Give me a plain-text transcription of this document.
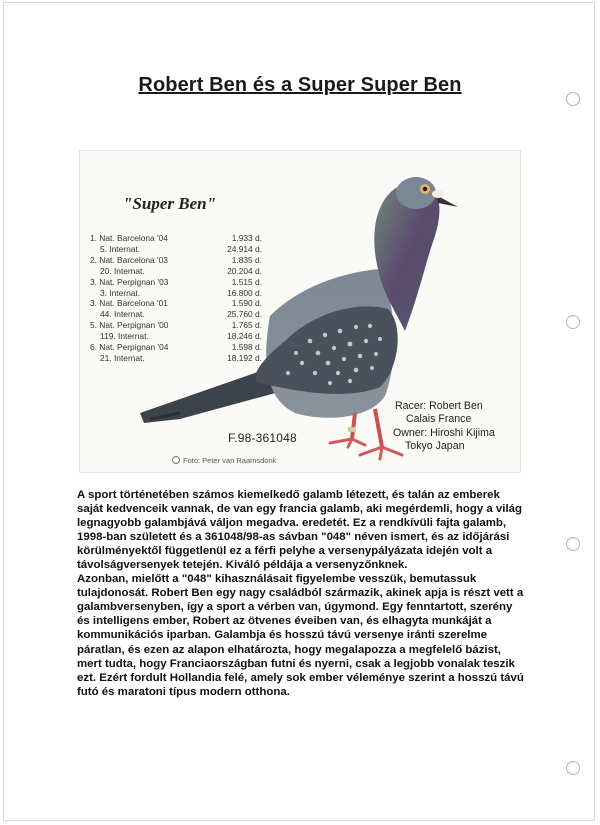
Robert Ben és a Super Super Ben
"Super Ben"
1. Nat. Barcelona '04	1.933 d.
5. Internat.	24.914 d.
2. Nat. Barcelona '03	1.835 d.
20. Internat.	20.204 d.
3. Nat. Perpignan '03	1.515 d.
3. Internat.	16.800 d.
3. Nat. Barcelona '01	1.590 d.
44. Internat.	25.760 d.
5. Nat. Perpignan '00	1.765 d.
119. Internat.	18.246 d.
6. Nat. Perpignan '04	1.598 d.
21. Internat.	18.192 d.
F.98-361048
Racer: Robert Ben
Calais France
Owner: Hiroshi Kijima
Tokyo Japan
Foto: Peter van Raamsdonk

A sport történetében számos kiemelkedő galamb létezett, és talán az emberek saját kedvenceik vannak, de van egy francia galamb, aki megérdemli, hogy a világ legnagyobb galambjává váljon megadva. eredetét. Ez a rendkívüli fajta galamb, 1998-ban született és a 361048/98-as sávban "048" néven ismert, és az időjárási körülményektől függetlenül ez a férfi pelyhe a versenypályázata idején volt a távolságversenyek tetején. Kiváló példája a versenyzőnknek.

Azonban, mielőtt a "048" kihasználásait figyelembe vesszük, bemutassuk tulajdonosát. Robert Ben egy nagy családból származik, akinek apja is részt vett a galambversenyben, így a sport a vérben van, úgymond. Egy fenntartott, szerény és intelligens ember, Robert az ötvenes éveiben van, és elhagyta munkáját a kommunikációs iparban. Galambja és hosszú távú versenye iránti szerelme páratlan, és ezen az alapon elhatározta, hogy megalapozza a megfelelő bázist, mert tudta, hogy Franciaországban futni és nyerni, csak a legjobb vonalak teszik ezt. Ezért fordult Hollandia felé, amely sok ember véleménye szerint a hosszú távú futó és maratoni típus modern otthona.
